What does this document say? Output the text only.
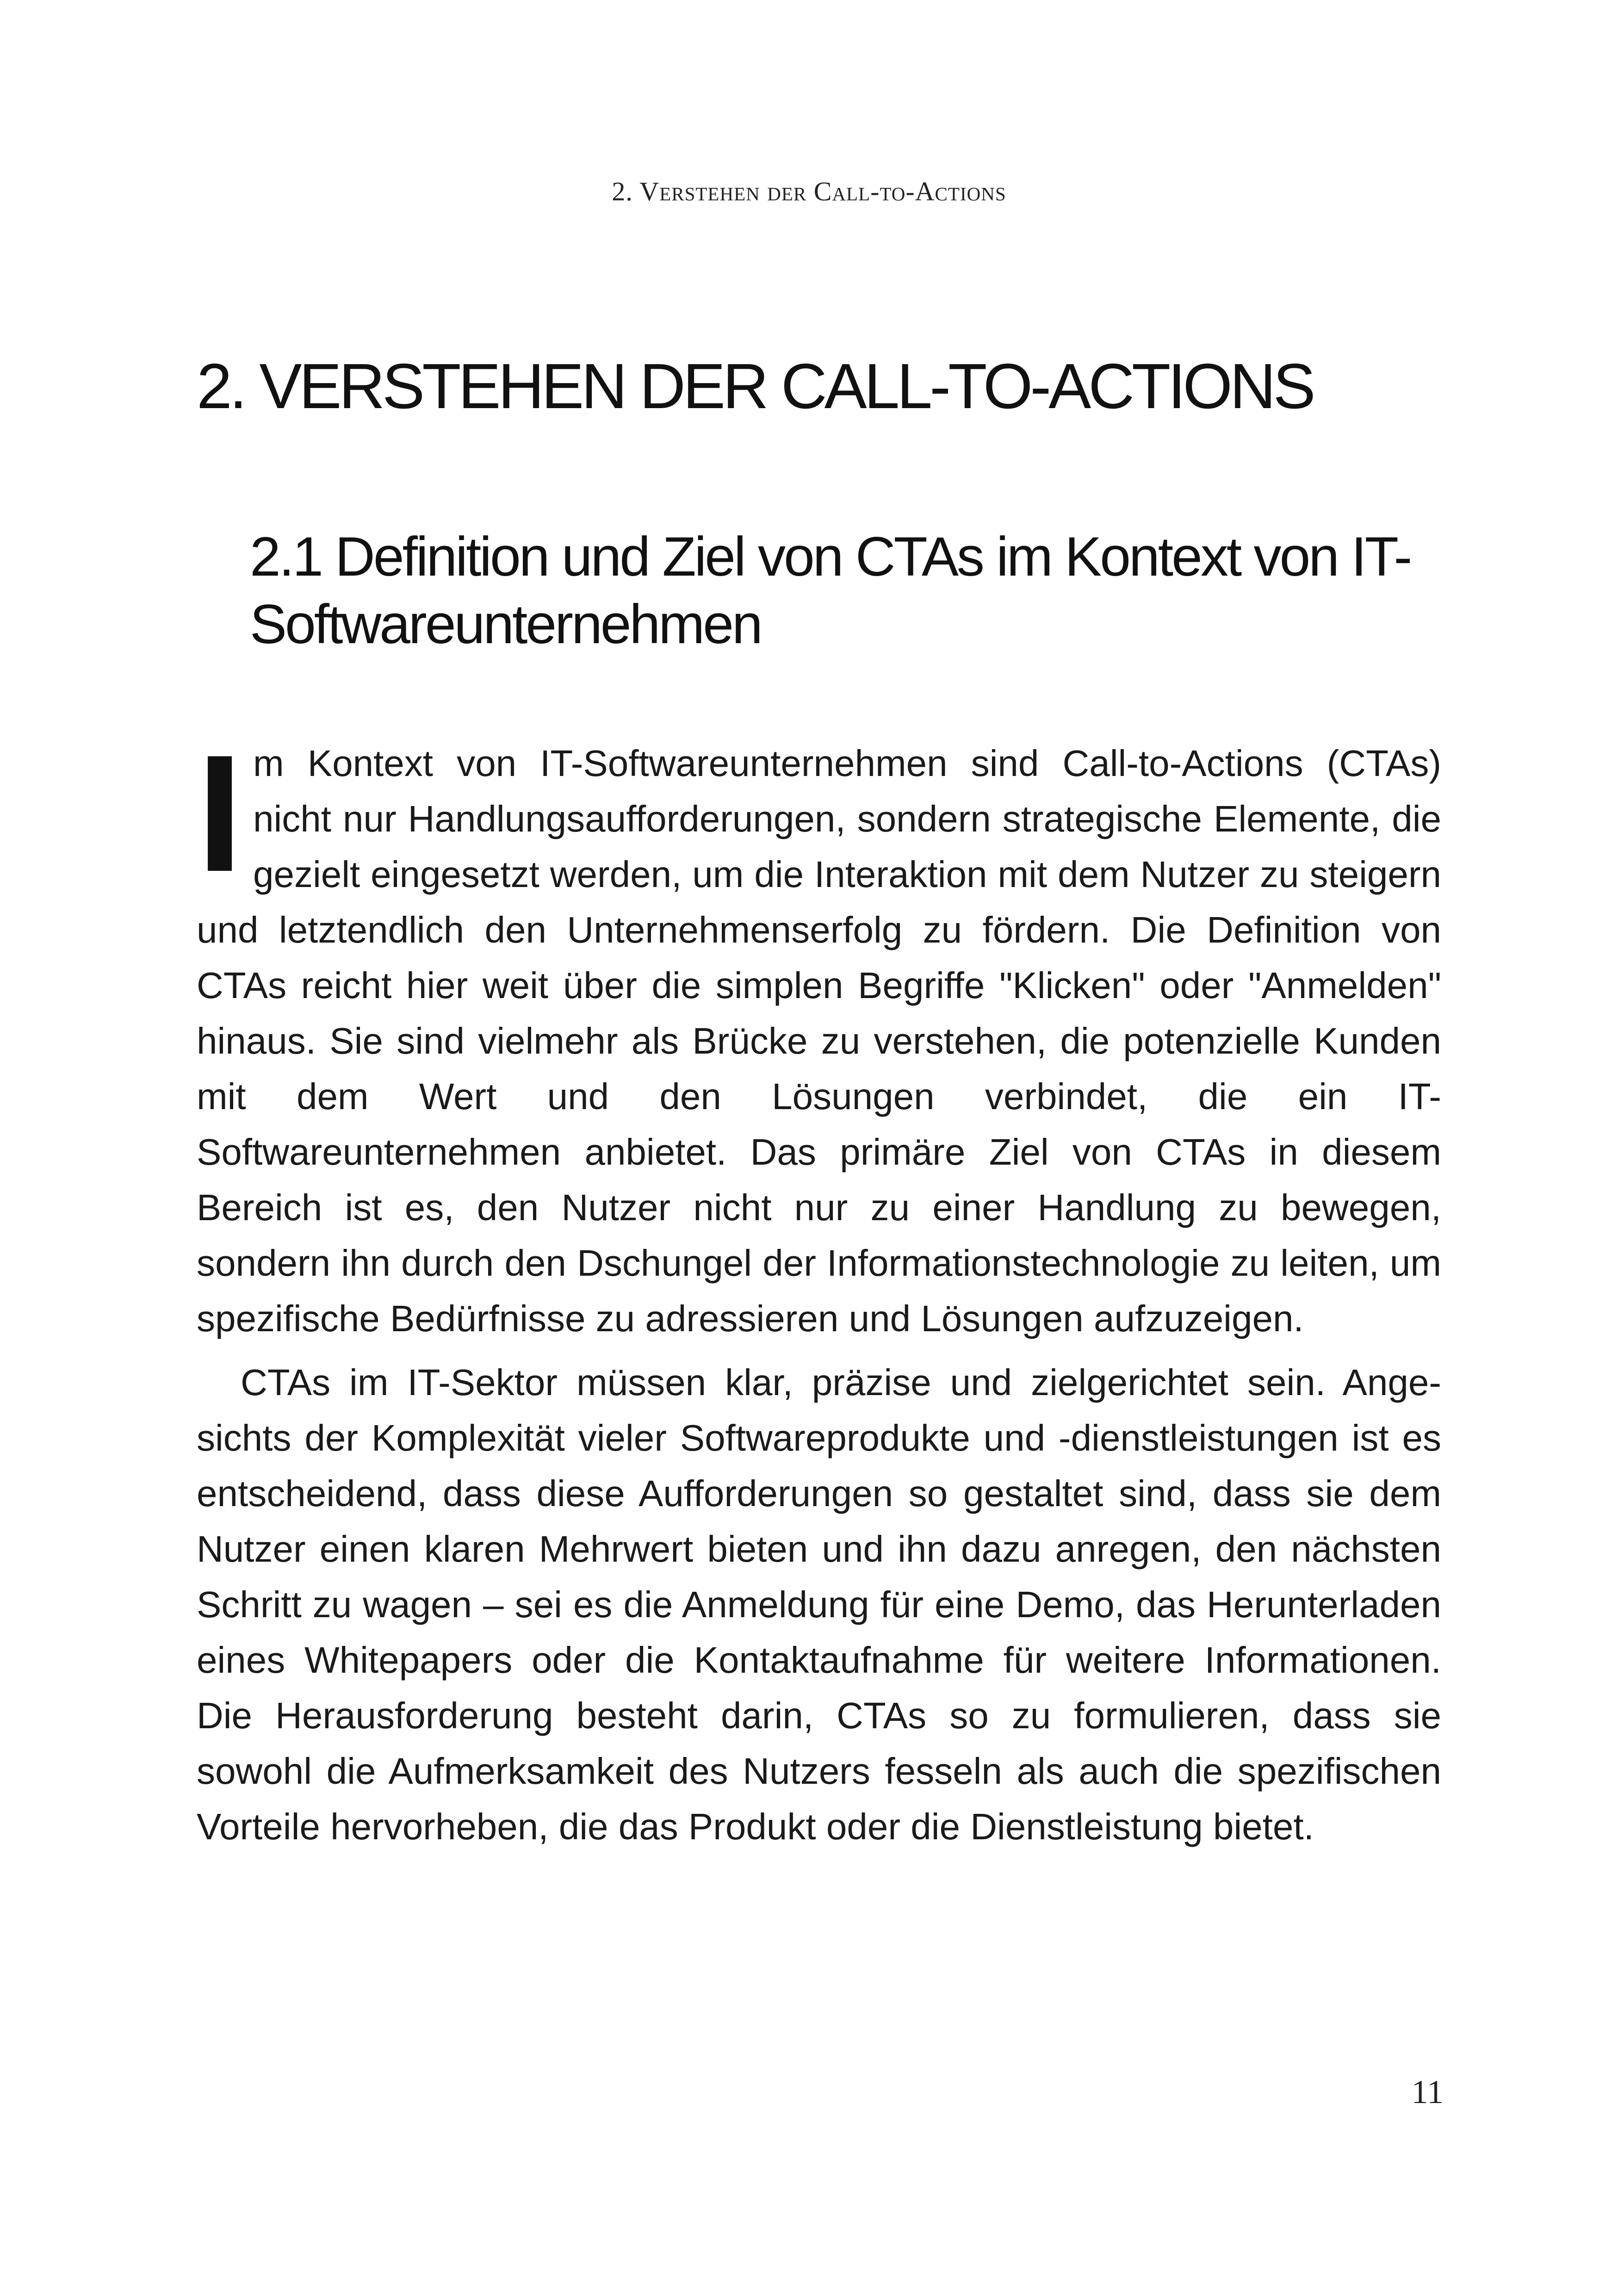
2. Verstehen der Call-to-Actions
2. VERSTEHEN DER CALL-TO-ACTIONS
2.1 Definition und Ziel von CTAs im Kontext von IT-Softwareunternehmen

Im Kontext von IT-Softwareunternehmen sind Call-to-Actions (CTAs) nicht nur Handlungsaufforderungen, sondern strategische Elemente, die gezielt eingesetzt werden, um die Interaktion mit dem Nutzer zu steigern und letztendlich den Unternehmenserfolg zu fördern. Die Definition von CTAs reicht hier weit über die simplen Begriffe "Klicken" oder "Anmelden" hinaus. Sie sind vielmehr als Brücke zu verstehen, die potenzielle Kunden mit dem Wert und den Lösungen verbindet, die ein IT-Softwareunternehmen anbietet. Das primäre Ziel von CTAs in diesem Bereich ist es, den Nutzer nicht nur zu einer Handlung zu bewegen, sondern ihn durch den Dschungel der Informationstechnologie zu leiten, um spezifische Bedürfnisse zu adressieren und Lösungen aufzuzeigen.

CTAs im IT-Sektor müssen klar, präzise und zielgerichtet sein. Angesichts der Komplexität vieler Softwareprodukte und -dienstleistungen ist es entscheidend, dass diese Aufforderungen so gestaltet sind, dass sie dem Nutzer einen klaren Mehrwert bieten und ihn dazu anregen, den nächsten Schritt zu wagen – sei es die Anmeldung für eine Demo, das Herunterladen eines Whitepapers oder die Kontaktaufnahme für weitere Informationen. Die Herausforderung besteht darin, CTAs so zu formulieren, dass sie sowohl die Aufmerksamkeit des Nutzers fesseln als auch die spezifischen Vorteile hervorheben, die das Produkt oder die Dienstleistung bietet.

11
